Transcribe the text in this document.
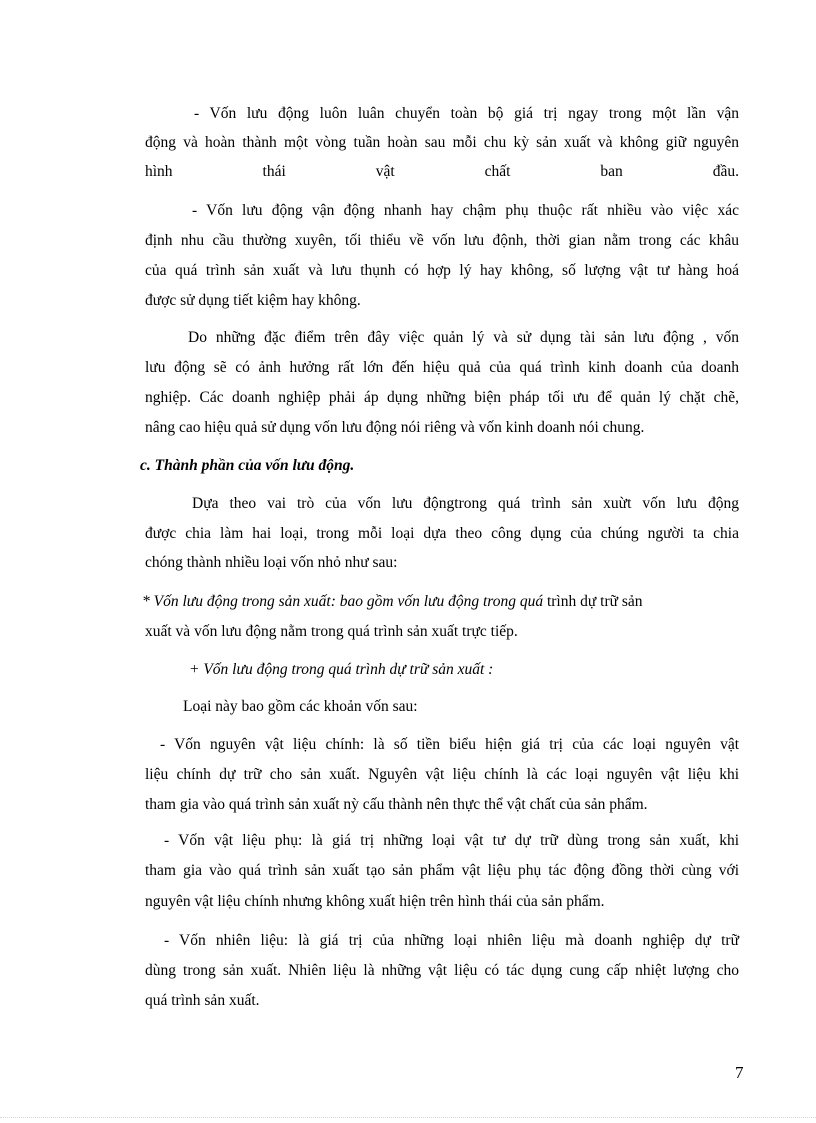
- Vốn lưu động luôn luân chuyển toàn bộ giá trị ngay trong một lần vận
động và hoàn thành một vòng tuần hoàn sau mỗi chu kỳ sản xuất và không giữ nguyên
hình thái vật chất ban đầu.
- Vốn lưu động vận động nhanh hay chậm phụ thuộc rất nhiều vào việc xác
định nhu cầu thường xuyên, tối thiểu về vốn lưu độnh, thời gian nằm trong các khâu
của quá trình sản xuất và lưu thụnh có hợp lý hay không, số lượng vật tư hàng hoá
được sử dụng tiết kiệm hay không.
Do những đặc điểm trên đây việc quản lý và sử dụng tài sản lưu động , vốn
lưu động sẽ có ảnh hưởng rất lớn đến hiệu quả của quá trình kinh doanh của doanh
nghiệp. Các doanh nghiệp phải áp dụng những biện pháp tối ưu để quản lý chặt chẽ,
nâng cao hiệu quả sử dụng vốn lưu động nói riêng và vốn kinh doanh nói chung.
c. Thành phần của vốn lưu động.
Dựa theo vai trò của vốn lưu độngtrong quá trình sản xuừt vốn lưu động
được chia làm hai loại, trong mỗi loại dựa theo công dụng của chúng người ta chia
chóng thành nhiều loại vốn nhỏ như sau:
* Vốn lưu động trong sản xuất: bao gồm vốn lưu động trong quá trình dự trữ sản
xuất và vốn lưu động nằm trong quá trình sản xuất trực tiếp.
+ Vốn lưu động trong quá trình dự trữ sản xuất :
Loại này bao gồm các khoản vốn sau:
- Vốn nguyên vật liệu chính: là số tiền biểu hiện giá trị của các loại nguyên vật
liệu chính dự trữ cho sản xuất. Nguyên vật liệu chính là các loại nguyên vật liệu khi
tham gia vào quá trình sản xuất nỳ cấu thành nên thực thể vật chất của sản phẩm.
- Vốn vật liệu phụ: là giá trị những loại vật tư dự trữ dùng trong sản xuất, khi
tham gia vào quá trình sản xuất tạo sản phẩm vật liệu phụ tác động đồng thời cùng với
nguyên vật liệu chính nhưng không xuất hiện trên hình thái của sản phẩm.
- Vốn nhiên liệu: là giá trị của những loại nhiên liệu mà doanh nghiệp dự trữ
dùng trong sản xuất. Nhiên liệu là những vật liệu có tác dụng cung cấp nhiệt lượng cho
quá trình sản xuất.
7
